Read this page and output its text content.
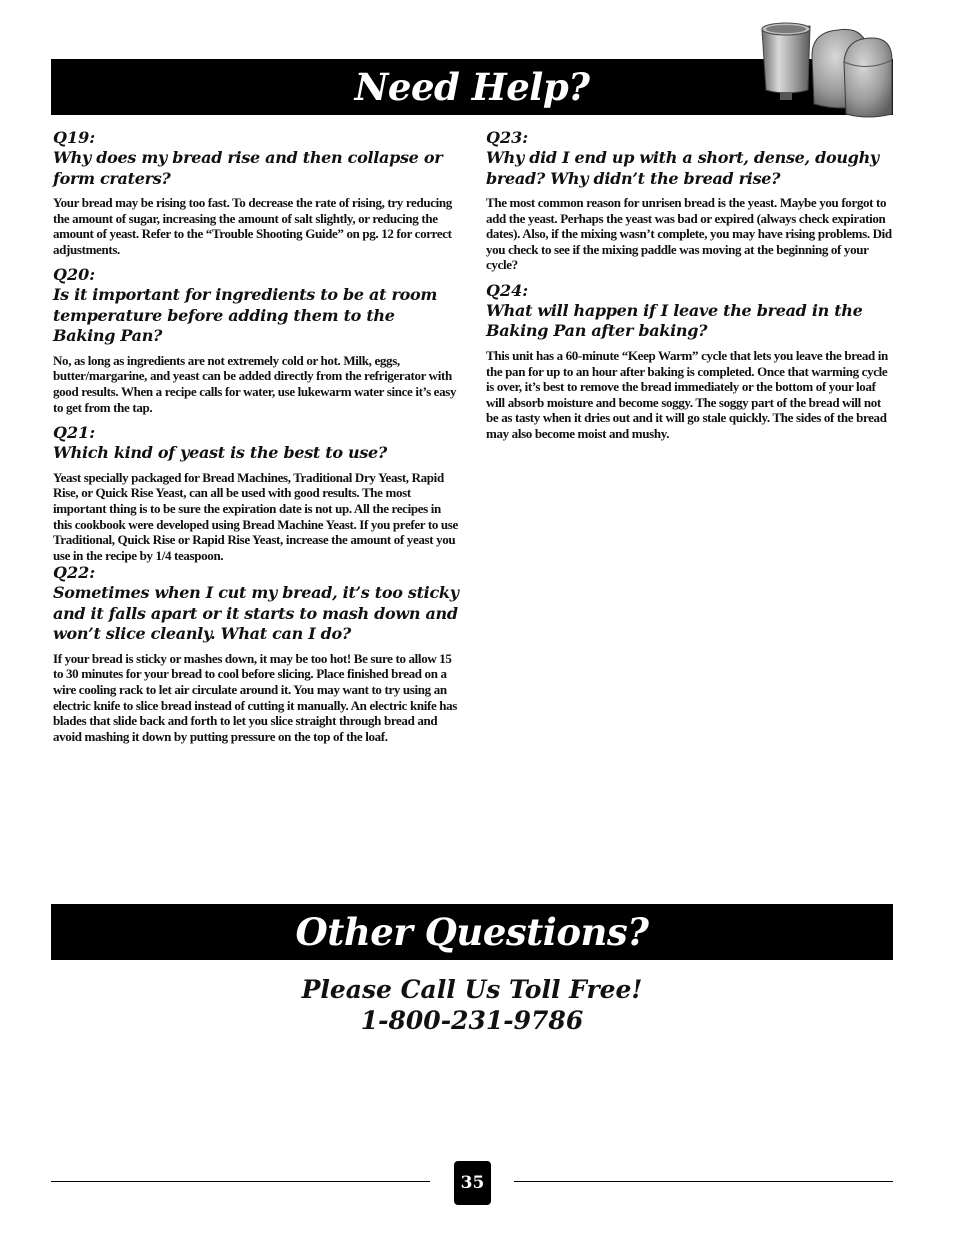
Need Help?

Q19:

Why does my bread rise and then collapse or form craters?

Your bread may be rising too fast. To decrease the rate of rising, try reducing the amount of sugar, increasing the amount of salt slightly, or reducing the amount of yeast. Refer to the “Trouble Shooting Guide” on pg. 12 for correct adjustments.

Q20:

Is it important for ingredients to be at room temperature before adding them to the Baking Pan?

No, as long as ingredients are not extremely cold or hot. Milk, eggs, butter/margarine, and yeast can be added directly from the refrigerator with good results. When a recipe calls for water, use lukewarm water since it’s easy to get from the tap.

Q21:

Which kind of yeast is the best to use?

Yeast specially packaged for Bread Machines, Traditional Dry Yeast, Rapid Rise, or Quick Rise Yeast, can all be used with good results. The most important thing is to be sure the expiration date is not up. All the recipes in this cookbook were developed using Bread Machine Yeast. If you prefer to use Traditional, Quick Rise or Rapid Rise Yeast, increase the amount of yeast you use in the recipe by 1/4 teaspoon.

Q22:

Sometimes when I cut my bread, it’s too sticky and it falls apart or it starts to mash down and won’t slice cleanly. What can I do?

If your bread is sticky or mashes down, it may be too hot! Be sure to allow 15 to 30 minutes for your bread to cool before slicing. Place finished bread on a wire cooling rack to let air circulate around it. You may want to try using an electric knife to slice bread instead of cutting it manually. An electric knife has blades that slide back and forth to let you slice straight through bread and avoid mashing it down by putting pressure on the top of the loaf.

Q23:

Why did I end up with a short, dense, doughy bread? Why didn’t the bread rise?

The most common reason for unrisen bread is the yeast. Maybe you forgot to add the yeast. Perhaps the yeast was bad or expired (always check expiration dates). Also, if the mixing wasn’t complete, you may have rising problems. Did you check to see if the mixing paddle was moving at the beginning of your cycle?

Q24:

What will happen if I leave the bread in the Baking Pan after baking?

This unit has a 60-minute “Keep Warm” cycle that lets you leave the bread in the pan for up to an hour after baking is completed. Once that warming cycle is over, it’s best to remove the bread immediately or the bottom of your loaf will absorb moisture and become soggy. The soggy part of the bread will not be as tasty when it dries out and it will go stale quickly. The sides of the bread may also become moist and mushy.

Other Questions?
Please Call Us Toll Free!
1-800-231-9786
35
